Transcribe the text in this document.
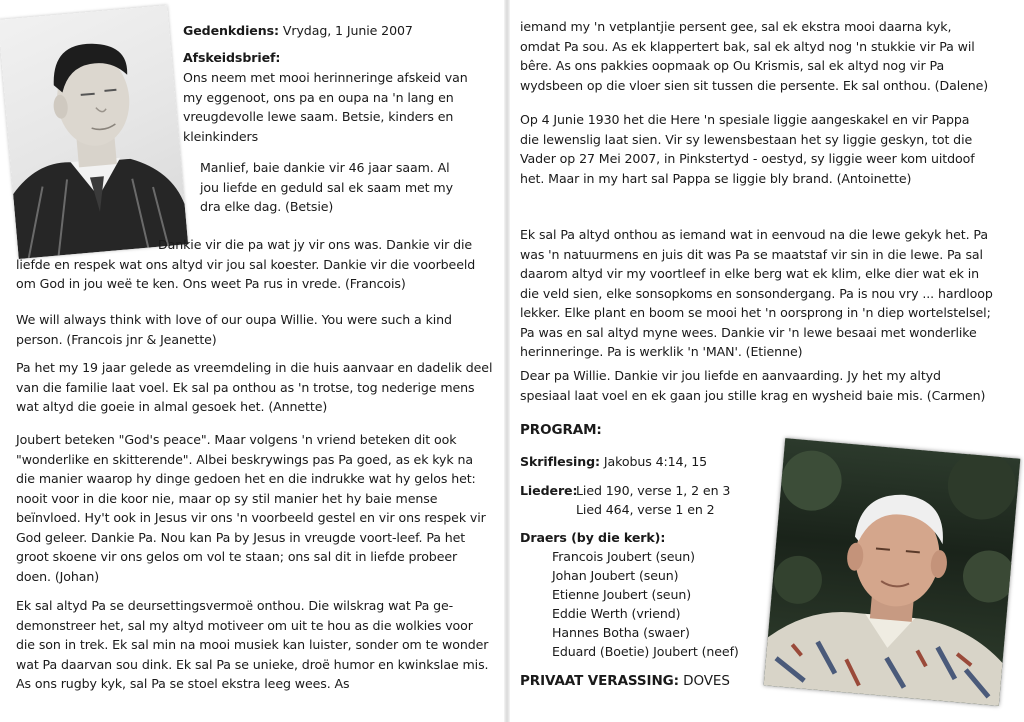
Gedenkdiens: Vrydag, 1 Junie 2007
Afskeidsbrief:

Ons neem met mooi herinneringe afskeid van my eggenoot, ons pa en oupa na 'n lang en vreugdevolle lewe saam. Betsie, kinders en kleinkinders

Manlief, baie dankie vir 46 jaar saam. Al jou liefde en geduld sal ek saam met my dra elke dag. (Betsie)

Dankie vir die pa wat jy vir ons was. Dankie vir die liefde en respek wat ons altyd vir jou sal koester. Dankie vir die voorbeeld om God in jou weë te ken. Ons weet Pa rus in vrede. (Francois)

We will always think with love of our oupa Willie. You were such a kind person. (Francois jnr & Jeanette)

Pa het my 19 jaar gelede as vreemdeling in die huis aanvaar en dadelik deel van die familie laat voel. Ek sal pa onthou as 'n trotse, tog nederige mens wat altyd die goeie in almal gesoek het. (Annette)

Joubert beteken "God's peace". Maar volgens 'n vriend beteken dit ook "wonderlike en skitterende". Albei beskrywings pas Pa goed, as ek kyk na die manier waarop hy dinge gedoen het en die indrukke wat hy gelos het: nooit voor in die koor nie, maar op sy stil manier het hy baie mense beïnvloed. Hy't ook in Jesus vir ons 'n voorbeeld gestel en vir ons respek vir God geleer. Dankie Pa. Nou kan Pa by Jesus in vreugde voort-leef. Pa het groot skoene vir ons gelos om vol te staan; ons sal dit in liefde probeer doen. (Johan)

Ek sal altyd Pa se deursettingsvermoë onthou. Die wilskrag wat Pa ge-demonstreer het, sal my altyd motiveer om uit te hou as die wolkies voor die son in trek. Ek sal min na mooi musiek kan luister, sonder om te wonder wat Pa daarvan sou dink. Ek sal Pa se unieke, droë humor en kwinkslae mis. As ons rugby kyk, sal Pa se stoel ekstra leeg wees. As

iemand my 'n vetplantjie persent gee, sal ek ekstra mooi daarna kyk, omdat Pa sou. As ek klappertert bak, sal ek altyd nog 'n stukkie vir Pa wil bêre. As ons pakkies oopmaak op Ou Krismis, sal ek altyd nog vir Pa wydsbeen op die vloer sien sit tussen die persente. Ek sal onthou. (Dalene)

Op 4 Junie 1930 het die Here 'n spesiale liggie aangeskakel en vir Pappa die lewenslig laat sien. Vir sy lewensbestaan het sy liggie geskyn, tot die Vader op 27 Mei 2007, in Pinkstertyd - oestyd, sy liggie weer kom uitdoof het. Maar in my hart sal Pappa se liggie bly brand. (Antoinette)

Ek sal Pa altyd onthou as iemand wat in eenvoud na die lewe gekyk het. Pa was 'n natuurmens en juis dit was Pa se maatstaf vir sin in die lewe. Pa sal daarom altyd vir my voortleef in elke berg wat ek klim, elke dier wat ek in die veld sien, elke sonsopkoms en sonsondergang. Pa is nou vry ... hardloop lekker. Elke plant en boom se mooi het 'n oorsprong in 'n diep wortelstelsel; Pa was en sal altyd myne wees. Dankie vir 'n lewe besaai met wonderlike herinneringe. Pa is werklik 'n 'MAN'. (Etienne)

Dear pa Willie. Dankie vir jou liefde en aanvaarding. Jy het my altyd spesiaal laat voel en ek gaan jou stille krag en wysheid baie mis. (Carmen)

PROGRAM:
Skriflesing: Jakobus 4:14, 15
Liedere:
Lied 190, verse 1, 2 en 3
Lied 464, verse 1 en 2
Draers (by die kerk):
Francois Joubert (seun)
Johan Joubert (seun)
Etienne Joubert (seun)
Eddie Werth (vriend)
Hannes Botha (swaer)
Eduard (Boetie) Joubert (neef)
PRIVAAT VERASSING: DOVES
